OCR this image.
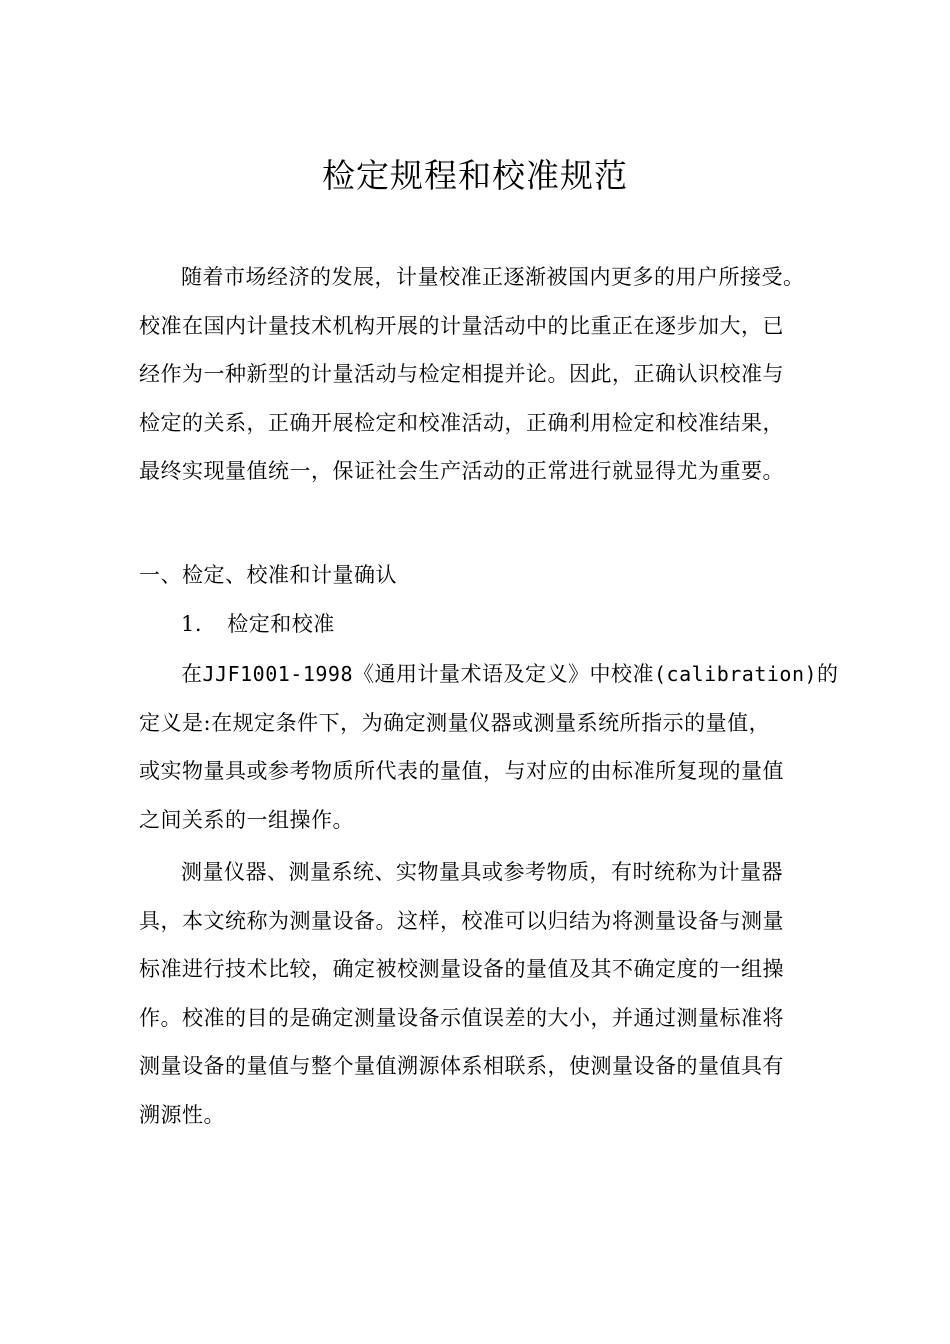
检定规程和校准规范
随着市场经济的发展，计量校准正逐渐被国内更多的用户所接受。
校准在国内计量技术机构开展的计量活动中的比重正在逐步加大，已
经作为一种新型的计量活动与检定相提并论。因此，正确认识校准与
检定的关系，正确开展检定和校准活动，正确利用检定和校准结果，
最终实现量值统一，保证社会生产活动的正常进行就显得尤为重要。
一、检定、校准和计量确认
1. 检定和校准
在JJF1001-1998《通用计量术语及定义》中校准(calibration)的
定义是:在规定条件下，为确定测量仪器或测量系统所指示的量值，
或实物量具或参考物质所代表的量值，与对应的由标准所复现的量值
之间关系的一组操作。
测量仪器、测量系统、实物量具或参考物质，有时统称为计量器
具，本文统称为测量设备。这样，校准可以归结为将测量设备与测量
标准进行技术比较，确定被校测量设备的量值及其不确定度的一组操
作。校准的目的是确定测量设备示值误差的大小，并通过测量标准将
测量设备的量值与整个量值溯源体系相联系，使测量设备的量值具有
溯源性。
